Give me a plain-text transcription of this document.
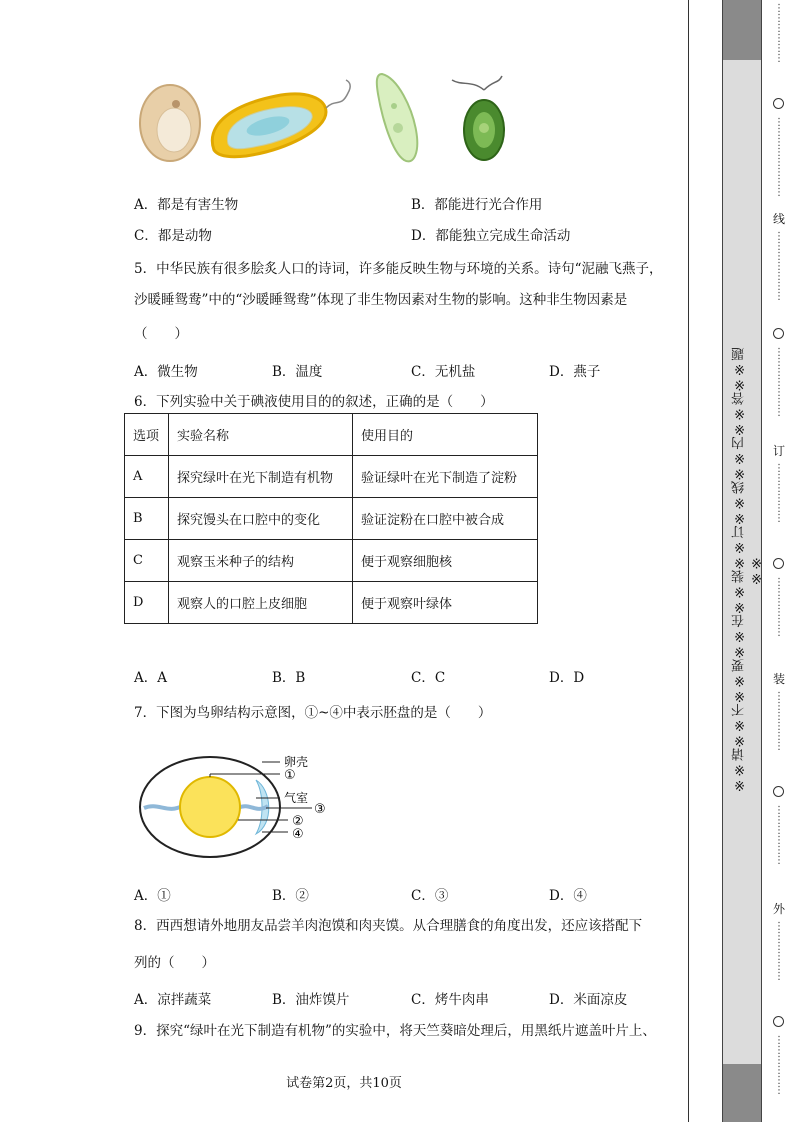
A．都是有害生物	B．都能进行光合作用
C．都是动物	D．都能独立完成生命活动
5．中华民族有很多脍炙人口的诗词，许多能反映生物与环境的关系。诗句“泥融飞燕子，
沙暖睡鸳鸯”中的“沙暖睡鸳鸯”体现了非生物因素对生物的影响。这种非生物因素是
（　　）
A．微生物	B．温度	C．无机盐	D．燕子
6．下列实验中关于碘液使用目的的叙述，正确的是（　　）
选项	实验名称	使用目的
A	探究绿叶在光下制造有机物	验证绿叶在光下制造了淀粉
B	探究馒头在口腔中的变化	验证淀粉在口腔中被合成
C	观察玉米种子的结构	便于观察细胞核
D	观察人的口腔上皮细胞	便于观察叶绿体
A．A	B．B	C．C	D．D
7．下图为鸟卵结构示意图，①~④中表示胚盘的是（　　）
卵壳
①
气室
③
②
④
A．①	B．②	C．③	D．④
8．西西想请外地朋友品尝羊肉泡馍和肉夹馍。从合理膳食的角度出发，还应该搭配下
列的（　　）
A．凉拌蔬菜	B．油炸馍片	C．烤牛肉串	D．米面凉皮
9．探究“绿叶在光下制造有机物”的实验中，将天竺葵暗处理后，用黑纸片遮盖叶片上、
试卷第2页，共10页
※※请※※不※※要※※在※※装※※订※※线※※内※※答※※题※※
⋮
⋮
⋮
⋮
⋮
⋮
⋮
⋮
⋮
⋮
⋮
⋮
⋮
⋮
线
⋮
⋮
⋮
⋮
⋮
⋮
⋮
⋮
⋮
⋮
⋮
⋮
⋮
⋮
订
⋮
⋮
⋮
⋮
⋮
⋮
⋮
⋮
⋮
⋮
⋮
⋮
装
⋮
⋮
⋮
⋮
⋮
⋮
⋮
⋮
⋮
⋮
⋮
⋮
外
⋮
⋮
⋮
⋮
⋮
⋮
⋮
⋮
⋮
⋮
⋮
⋮
